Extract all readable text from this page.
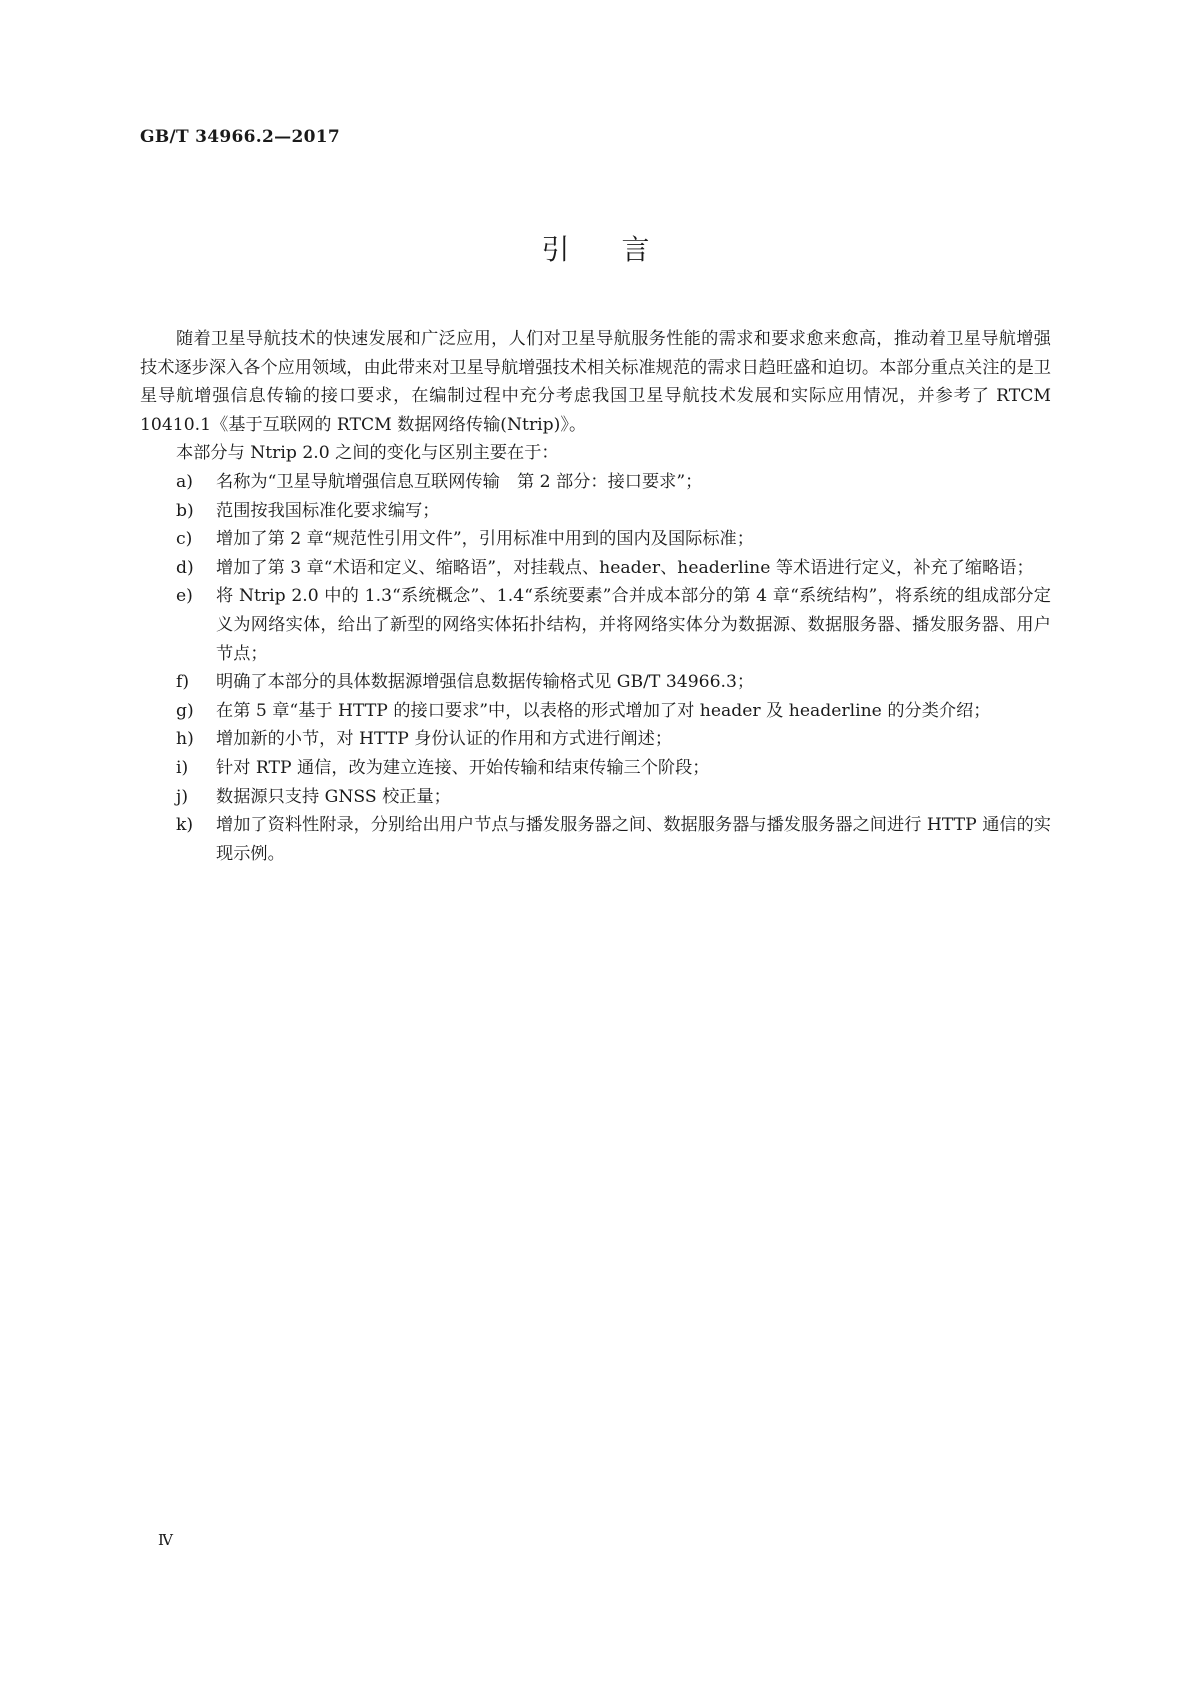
GB/T 34966.2—2017
引 言

随着卫星导航技术的快速发展和广泛应用，人们对卫星导航服务性能的需求和要求愈来愈高，推动着卫星导航增强技术逐步深入各个应用领域，由此带来对卫星导航增强技术相关标准规范的需求日趋旺盛和迫切。本部分重点关注的是卫星导航增强信息传输的接口要求，在编制过程中充分考虑我国卫星导航技术发展和实际应用情况，并参考了 RTCM 10410.1《基于互联网的 RTCM 数据网络传输(Ntrip)》。

本部分与 Ntrip 2.0 之间的变化与区别主要在于：

a) 名称为“卫星导航增强信息互联网传输　第 2 部分：接口要求”；
b) 范围按我国标准化要求编写；
c) 增加了第 2 章“规范性引用文件”，引用标准中用到的国内及国际标准；
d) 增加了第 3 章“术语和定义、缩略语”，对挂载点、header、headerline 等术语进行定义，补充了缩略语；
e) 将 Ntrip 2.0 中的 1.3“系统概念”、1.4“系统要素”合并成本部分的第 4 章“系统结构”，将系统的组成部分定义为网络实体，给出了新型的网络实体拓扑结构，并将网络实体分为数据源、数据服务器、播发服务器、用户节点；
f) 明确了本部分的具体数据源增强信息数据传输格式见 GB/T 34966.3；
g) 在第 5 章“基于 HTTP 的接口要求”中，以表格的形式增加了对 header 及 headerline 的分类介绍；
h) 增加新的小节，对 HTTP 身份认证的作用和方式进行阐述；
i) 针对 RTP 通信，改为建立连接、开始传输和结束传输三个阶段；
j) 数据源只支持 GNSS 校正量；
k) 增加了资料性附录，分别给出用户节点与播发服务器之间、数据服务器与播发服务器之间进行 HTTP 通信的实现示例。
Ⅳ
